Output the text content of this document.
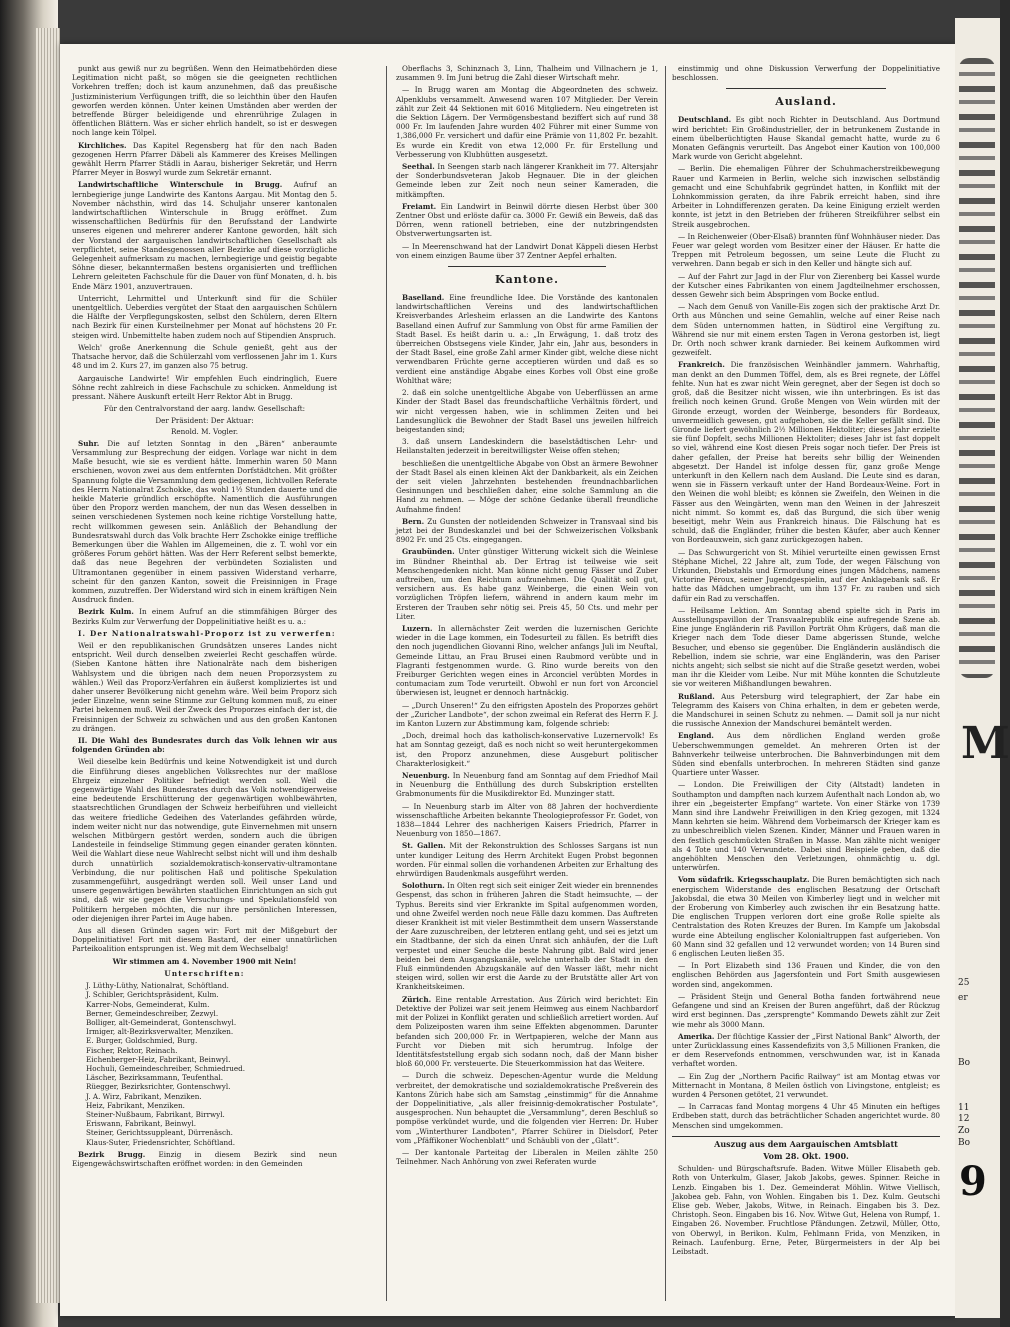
punkt aus gewiß nur zu begrüßen. Wenn den Heimatbehörden diese Legitimation nicht paßt, so mögen sie die geeigneten rechtlichen Vorkehren treffen; doch ist kaum anzunehmen, daß das preußische Justizministerium Verfügungen trifft, die so leichthin über den Haufen geworfen werden können. Unter keinen Umständen aber werden der betreffende Bürger beleidigende und ehrenrührige Zulagen in öffentlichen Blättern. Was er sicher ehrlich handelt, so ist er deswegen noch lange kein Tölpel.

Kirchliches. Das Kapitel Regensberg hat für den nach Baden gezogenen Herrn Pfarrer Däbeli als Kammerer des Kreises Mellingen gewählt Herrn Pfarrer Städli in Aarau, bisheriger Sekretär, und Herrn Pfarrer Meyer in Boswyl wurde zum Sekretär ernannt.

Landwirtschaftliche Winterschule in Brugg. Aufruf an lernbegierige junge Landwirte des Kantons Aargau. Mit Montag den 5. November nächsthin, wird das 14. Schuljahr unserer kantonalen landwirtschaftlichen Winterschule in Brugg eröffnet. Zum wissenschaftlichen Bedürfnis für den Berufsstand der Landwirte unseres eigenen und mehrerer anderer Kantone geworden, hält sich der Vorstand der aargauischen landwirtschaftlichen Gesellschaft als verpflichtet, seine Standesgenossen aller Bezirke auf diese vorzügliche Gelegenheit aufmerksam zu machen, lernbegierige und geistig begabte Söhne dieser, bekanntermaßen bestens organisierten und trefflichen Lehrern geleiteten Fachschule für die Dauer von fünf Monaten, d. h. bis Ende März 1901, anzuvertrauen.

Unterricht, Lehrmittel und Unterkunft sind für die Schüler unentgeltlich. Ueberdies vergütet der Staat den aargauischen Schülern die Hälfte der Verpflegungskosten, selbst den Schülern, deren Eltern nach Bezirk für einen Kursteilnehmer per Monat auf höchstens 20 Fr. steigen wird. Unbemittelte haben zudem noch auf Stipendien Anspruch.

Welch' große Anerkennung die Schule genießt, geht aus der Thatsache hervor, daß die Schülerzahl vom verflossenen Jahr im 1. Kurs 48 und im 2. Kurs 27, im ganzen also 75 betrug.

Aargauische Landwirte! Wir empfehlen Euch eindringlich, Euere Söhne recht zahlreich in diese Fachschule zu schicken. Anmeldung ist pressant. Nähere Auskunft erteilt Herr Rektor Abt in Brugg.

Für den Centralvorstand der aarg. landw. Gesellschaft:

Der Präsident: Der Aktuar:

Renold. M. Vogler.

Suhr. Die auf letzten Sonntag in den „Bären“ anberaumte Versammlung zur Besprechung der eidgen. Vorlage war nicht in dem Maße besucht, wie sie es verdient hätte. Immerhin waren 50 Mann erschienen, wovon zwei aus dem entfernten Dorfstädtchen. Mit größter Spannung folgte die Versammlung dem gediegenen, lichtvollen Referate des Herrn Nationalrat Zschokke, das wohl 1½ Stunden dauerte und die heikle Materie gründlich erschöpfte. Namentlich die Ausführungen über den Proporz werden manchem, der nun das Wesen desselben in seinen verschiedenen Systemen noch keine richtige Vorstellung hatte, recht willkommen gewesen sein. Anläßlich der Behandlung der Bundesratswahl durch das Volk brachte Herr Zschokke einige treffliche Bemerkungen über die Wahlen im Allgemeinen, die z. T. wohl vor ein größeres Forum gehört hätten. Was der Herr Referent selbst bemerkte, daß das neue Begehren der verbündeten Sozialisten und Ultramontanen gegenüber in einem passiven Widerstand verharre, scheint für den ganzen Kanton, soweit die Freisinnigen in Frage kommen, zuzutreffen. Der Widerstand wird sich in einem kräftigen Nein Ausdruck finden.

Bezirk Kulm. In einem Aufruf an die stimmfähigen Bürger des Bezirks Kulm zur Verwerfung der Doppelinitiative heißt es u. a.:

I. Der Nationalratswahl-Proporz ist zu verwerfen:

Weil er den republikanischen Grundsätzen unseres Landes nicht entspricht. Weil durch denselben zweierlei Recht geschaffen würde. (Sieben Kantone hätten ihre Nationalräte nach dem bisherigen Wahlsystem und die übrigen nach dem neuen Proporzsystem zu wählen.) Weil das Proporz-Verfahren ein äußerst kompliziertes ist und daher unserer Bevölkerung nicht genehm wäre. Weil beim Proporz sich jeder Einzelne, wenn seine Stimme zur Geltung kommen muß, zu einer Partei bekennen muß. Weil der Zweck des Proporzes einfach der ist, die Freisinnigen der Schweiz zu schwächen und aus den großen Kantonen zu drängen.

II. Die Wahl des Bundesrates durch das Volk lehnen wir aus folgenden Gründen ab:

Weil dieselbe kein Bedürfnis und keine Notwendigkeit ist und durch die Einführung dieses angeblichen Volksrechtes nur der maßlose Ehrgeiz einzelner Politiker befriedigt werden soll. Weil die gegenwärtige Wahl des Bundesrates durch das Volk notwendigerweise eine bedeutende Erschütterung der gegenwärtigen wohlbewährten, staatsrechtlichen Grundlagen der Schweiz herbeiführen und vielleicht das weitere friedliche Gedeihen des Vaterlandes gefährden würde, indem weiter nicht nur das notwendige, gute Einvernehmen mit unsern welschen Mitbürgern gestört werden, sondern auch die übrigen Landesteile in feindselige Stimmung gegen einander geraten könnten. Weil die Wahlart diese neue Wahlrecht selbst nicht will und ihm deshalb durch unnatürlich sozialdemokratisch-konservativ-ultramontane Verbindung, die nur politischen Haß und politische Spekulation zusammengeführt, ausgedrängt werden soll. Weil unser Land und unsere gegenwärtigen bewährten staatlichen Einrichtungen an sich gut sind, daß wir sie gegen die Versuchungs- und Spekulationsfeld von Politikern hergeben möchten, die nur ihre persönlichen Interessen, oder diejenigen ihrer Partei im Auge haben.

Aus all diesen Gründen sagen wir: Fort mit der Mißgeburt der Doppelinitiative! Fort mit diesem Bastard, der einer unnatürlichen Parteikoalition entsprungen ist. Weg mit dem Wechselbalg!

Wir stimmen am 4. November 1900 mit Nein!

Unterschriften:

J. Lüthy-Lüthy, Nationalrat, Schöftland.

J. Schibler, Gerichtspräsident, Kulm.

Karrer-Nobs, Gemeinderat, Kulm.

Berner, Gemeindeschreiber, Zezwyl.

Bolliger, alt-Gemeinderat, Gontenschwyl.

Irmiger, alt-Bezirksverwalter, Menziken.

E. Burger, Goldschmied, Burg.

Fischer, Rektor, Reinach.

Eichenberger-Heiz, Fabrikant, Beinwyl.

Hochuli, Gemeindeschreiber, Schmiedrued.

Läscher, Bezirksammann, Teufenthal.

Rüegger, Bezirksrichter, Gontenschwyl.

J. A. Wirz, Fabrikant, Menziken.

Heiz, Fabrikant, Menziken.

Steiner-Nußbaum, Fabrikant, Birrwyl.

Eriswann, Fabrikant, Beinwyl.

Steiner, Gerichtssuppleant, Dürrenäsch.

Klaus-Suter, Friedensrichter, Schöftland.

Bezirk Brugg. Einzig in diesem Bezirk sind neun Eigengewächswirtschaften eröffnet worden: in den Gemeinden

Oberflachs 3, Schinznach 3, Linn, Thalheim und Villnachern je 1, zusammen 9. Im Juni betrug die Zahl dieser Wirtschaft mehr.

— In Brugg waren am Montag die Abgeordneten des schweiz. Alpenklubs versammelt. Anwesend waren 107 Mitglieder. Der Verein zählt zur Zeit 44 Sektionen mit 6016 Mitgliedern. Neu eingetreten ist die Sektion Lägern. Der Vermögensbestand beziffert sich auf rund 38 000 Fr. Im laufenden Jahre wurden 402 Führer mit einer Summe von 1,386,000 Fr. versichert und dafür eine Prämie von 11,802 Fr. bezahlt. Es wurde ein Kredit von etwa 12,000 Fr. für Erstellung und Verbesserung von Klubhütten ausgesetzt.

Seethal. In Seengen starb nach längerer Krankheit im 77. Altersjahr der Sonderbundsveteran Jakob Hegnauer. Die in der gleichen Gemeinde leben zur Zeit noch neun seiner Kameraden, die mitkämpften.

Freiamt. Ein Landwirt in Beinwil dörrte diesen Herbst über 300 Zentner Obst und erlöste dafür ca. 3000 Fr. Gewiß ein Beweis, daß das Dörren, wenn rationell betrieben, eine der nutzbringendsten Obstverwertungsarten ist.

— In Meerenschwand hat der Landwirt Donat Käppeli diesen Herbst von einem einzigen Baume über 37 Zentner Aepfel erhalten.

Kantone.

Baselland. Eine freundliche Idee. Die Vorstände des kantonalen landwirtschaftlichen Vereins und des landwirtschaftlichen Kreisverbandes Arlesheim erlassen an die Landwirte des Kantons Baselland einen Aufruf zur Sammlung von Obst für arme Familien der Stadt Basel. Es heißt darin u. a.: „In Erwägung, 1. daß trotz des überreichen Obstsegens viele Kinder, Jahr ein, Jahr aus, besonders in der Stadt Basel, eine große Zahl armer Kinder gibt, welche diese nicht verwendbaren Früchte gerne acceptieren würden und daß es so verdient eine anständige Abgabe eines Korbes voll Obst eine große Wohlthat wäre;

2. daß ein solche unentgeltliche Abgabe von Ueberflüssen an arme Kinder der Stadt Basel das freundschaftliche Verhältnis fördert, und wir nicht vergessen haben, wie in schlimmen Zeiten und bei Landesunglück die Bewohner der Stadt Basel uns jeweilen hilfreich beigestanden sind;

3. daß unsern Landeskindern die baselstädtischen Lehr- und Heilanstalten jederzeit in bereitwilligster Weise offen stehen;

beschließen die unentgeltliche Abgabe von Obst an ärmere Bewohner der Stadt Basel als einen kleinen Akt der Dankbarkeit, als ein Zeichen der seit vielen Jahrzehnten bestehenden freundnachbarlichen Gesinnungen und beschließen daher, eine solche Sammlung an die Hand zu nehmen. — Möge der schöne Gedanke überall freundliche Aufnahme finden!

Bern. Zu Gunsten der notleidenden Schweizer in Transvaal sind bis jetzt bei der Bundeskanzlei und bei der Schweizerischen Volksbank 8902 Fr. und 25 Cts. eingegangen.

Graubünden. Unter günstiger Witterung wickelt sich die Weinlese im Bündner Rheinthal ab. Der Ertrag ist teilweise wie seit Menschengedenken nicht. Man könne nicht genug Fässer und Zuber auftreiben, um den Reichtum aufzunehmen. Die Qualität soll gut, versichern aus. Es habe ganz Weinberge, die einen Wein von vorzüglichen Tröpfen liefern, während in andern kaum mehr im Ersteren der Trauben sehr nötig sei. Preis 45, 50 Cts. und mehr per Liter.

Luzern. In allernächster Zeit werden die luzernischen Gerichte wieder in die Lage kommen, ein Todesurteil zu fällen. Es betrifft dies den noch jugendlichen Giovanni Rino, welcher anfangs Juli im Neuftal, Gemeinde Littau, an Frau Brusei einen Raubmord verübte und in Flagranti festgenommen wurde. G. Rino wurde bereits von den Freiburger Gerichten wegen eines in Arconciel verübten Mordes in contumaciam zum Tode verurteilt. Obwohl er nun fort von Arconciel überwiesen ist, leugnet er dennoch hartnäckig.

— „Durch Unseren!“ Zu den eifrigsten Aposteln des Proporzes gehört der „Zuricher Landbote“, der schon zweimal ein Referat des Herrn F. J. im Kanton Luzern zur Abstimmung kam, folgende schrieb:

„Doch, dreimal hoch das katholisch-konservative Luzernervolk! Es hat am Sonntag gezeigt, daß es noch nicht so weit heruntergekommen ist, den Proporz anzunehmen, diese Ausgeburt politischer Charakterlosigkeit.“

Neuenburg. In Neuenburg fand am Sonntag auf dem Friedhof Mail in Neuenburg die Enthüllung des durch Subskription erstellten Grabmonuments für die Musikdirektor Ed. Munzinger statt.

— In Neuenburg starb im Alter von 88 Jahren der hochverdiente wissenschaftliche Arbeiten bekannte Theologieprofessor Fr. Godet, von 1838—1844 Lehrer des nachherigen Kaisers Friedrich, Pfarrer in Neuenburg von 1850—1867.

St. Gallen. Mit der Rekonstruktion des Schlosses Sargans ist nun unter kundiger Leitung des Herrn Architekt Eugen Probst begonnen worden. Für einmal sollen die vorhandenen Arbeiten zur Erhaltung des ehrwürdigen Baudenkmals ausgeführt werden.

Solothurn. In Olten regt sich seit einiger Zeit wieder ein brennendes Gespenst, das schon in früheren Jahren die Stadt heimsuchte, — der Typhus. Bereits sind vier Erkrankte im Spital aufgenommen worden, und ohne Zweifel werden noch neue Fälle dazu kommen. Das Auftreten dieser Krankheit ist mit vieler Bestimmtheit dem unsern Wasserstande der Aare zuzuschreiben, der letzteren entlang geht, und sei es jetzt um ein Stadtbanne, der sich da einen Unrat sich anhäufen, der die Luft verpestet und einer Seuche die beste Nahrung gibt. Bald wird jener beiden bei dem Ausgangskanäle, welche unterhalb der Stadt in den Fluß einmündenden Abzugskanäle auf den Wasser läßt, mehr nicht steigen wird, sollen wir erst die Aarde zu der Brutstätte aller Art von Krankheitskeimen.

Zürich. Eine rentable Arrestation. Aus Zürich wird berichtet: Ein Detektive der Polizei war seit jenem Heimweg aus einem Nachbardorf mit der Polizei in Konflikt geraten und schließlich arretiert worden. Auf dem Polizeiposten waren ihm seine Effekten abgenommen. Darunter befanden sich 200,000 Fr. in Wertpapieren, welche der Mann aus Furcht vor Dieben mit sich herumtrug. Infolge der Identitätsfeststellung ergab sich sodann noch, daß der Mann bisher bloß 60,000 Fr. versteuerte. Die Steuerkommission hat das Weitere.

— Durch die schweiz. Depeschen-Agentur wurde die Meldung verbreitet, der demokratische und sozialdemokratische Preßverein des Kantons Zürich habe sich am Samstag „einstimmig“ für die Annahme der Doppelinitiative, „als aller freisinnig-demokratischer Postulate“, ausgesprochen. Nun behauptet die „Versammlung“, deren Beschluß so pompöse verkündet wurde, und die folgenden vier Herren: Dr. Huber vom „Winterthurer Landboten“, Pfarrer Schürer in Dielsdorf, Peter vom „Pfäffikoner Wochenblatt“ und Schäubli von der „Glatt“.

— Der kantonale Parteitag der Liberalen in Meilen zählte 250 Teilnehmer. Nach Anhörung von zwei Referaten wurde

einstimmig und ohne Diskussion Verwerfung der Doppelinitiative beschlossen.

Ausland.

Deutschland. Es gibt noch Richter in Deutschland. Aus Dortmund wird berichtet: Ein Großindustrieller, der in betrunkenem Zustande in einem übelberüchtigten Hause Skandal gemacht hatte, wurde zu 6 Monaten Gefängnis verurteilt. Das Angebot einer Kaution von 100,000 Mark wurde von Gericht abgelehnt.

— Berlin. Die ehemaligen Führer der Schuhmacherstreikbewegung Rauer und Karmeien in Berlin, welche sich inzwischen selbständig gemacht und eine Schuhfabrik gegründet hatten, in Konflikt mit der Lohnkommission geraten, da ihre Fabrik erreicht haben, sind ihre Arbeiter in Lohndifferenzen geraten. Da keine Einigung erzielt werden konnte, ist jetzt in den Betrieben der früheren Streikführer selbst ein Streik ausgebrochen.

— In Reichenweier (Ober-Elsaß) brannten fünf Wohnhäuser nieder. Das Feuer war gelegt worden vom Besitzer einer der Häuser. Er hatte die Treppen mit Petroleum begossen, um seine Leute die Flucht zu verwehren. Dann begab er sich in den Keller und hängte sich auf.

— Auf der Fahrt zur Jagd in der Flur von Zierenberg bei Kassel wurde der Kutscher eines Fabrikanten von einem Jagdteilnehmer erschossen, dessen Gewehr sich beim Abspringen vom Bocke entlud.

— Nach dem Genuß von Vanille-Eis zogen sich der praktische Arzt Dr. Orth aus München und seine Gemahlin, welche auf einer Reise nach dem Süden unternommen hatten, in Südtirol eine Vergiftung zu. Während sie nur mit einem ersten Tagen in Verona gestorben ist, liegt Dr. Orth noch schwer krank darnieder. Bei keinem Aufkommen wird gezweifelt.

Frankreich. Die französischen Weinhändler jammern. Wahrhaftig, man denkt an den Dummen Töffel, dem, als es Brei regnete, der Löffel fehlte. Nun hat es zwar nicht Wein geregnet, aber der Segen ist doch so groß, daß die Besitzer nicht wissen, wie ihn unterbringen. Es ist das freilich noch keinen Grund. Große Mengen von Wein würden mit der Gironde erzeugt, worden der Weinberge, besonders für Bordeaux, unvermeidlich gewesen, gut aufgehoben, sie die Keller gefällt sind. Die Gironde liefert gewöhnlich 2½ Millionen Hektoliter; dieses Jahr erzielte sie fünf Dopfelt, sechs Millionen Hektoliter; dieses Jahr ist fast doppelt so viel, während eine Kost diesen Preis sogar noch tiefer. Der Preis ist daher gefallen, der Preise hat bereits sehr billig der Weinenden abgesetzt. Der Handel ist infolge dessen für, ganz große Menge unterkunft in den Kellern nach dem Ausland. Die Leute sind es daran, wenn sie in Fässern verkauft unter der Hand Bordeaux-Weine. Fort in den Weinen die wohl bleibt; es können sie Zweifeln, den Weinen in die Fässer aus den Weingärten, wenn man den Weinen in der Jahreszeit nicht nimmt. So kommt es, daß das Burgund, die sich über wenig beseitigt, mehr Wein aus Frankreich hinaus. Die Fälschung hat es schuld, daß die Engländer, früher die besten Käufer, aber auch Kenner von Bordeauxwein, sich ganz zurückgezogen haben.

— Das Schwurgericht von St. Mihiel verurteilte einen gewissen Ernst Stéphane Michel, 22 Jahre alt, zum Tode, der wegen Fälschung von Urkunden, Diebstahls und Ermordung eines jungen Mädchens, namens Victorine Péroux, seiner Jugendgespielin, auf der Anklagebank saß. Er hatte das Mädchen umgebracht, um ihm 137 Fr. zu rauben und sich dafür ein Rad zu verschaffen.

— Heilsame Lektion. Am Sonntag abend spielte sich in Paris im Ausstellungspavillon der Transvaalrepublik eine aufregende Szene ab. Eine junge Engländerin riß Pavillon Porträt Ohm Krügers, daß man die Krieger nach dem Tode dieser Dame abgerissen Stunde, welche Besucher, und ebenso sie gegenüber. Die Engländerin ausländisch die Rebellion, indem sie schrie, war eine Engländerin, was den Pariser nichts angeht; sich selbst sie nicht auf die Straße gesetzt werden, wobei man ihr die Kleider vom Leibe. Nur mit Mühe konnten die Schutzleute sie vor weiteren Mißhandlungen bewahren.

Rußland. Aus Petersburg wird telegraphiert, der Zar habe ein Telegramm des Kaisers von China erhalten, in dem er gebeten werde, die Mandschurei in seinen Schutz zu nehmen. — Damit soll ja nur nicht die russische Annexion der Mandschurei bemäntelt werden.

England. Aus dem nördlichen England werden große Ueberschwemmungen gemeldet. An mehreren Orten ist der Bahnverkehr teilweise unterbrochen. Die Bahnverbindungen mit dem Süden sind ebenfalls unterbrochen. In mehreren Städten sind ganze Quartiere unter Wasser.

— London. Die Freiwilligen der City (Altstadt) landeten in Southampton und dampften nach kurzem Aufenthalt nach London ab, wo ihrer ein „begeisterter Empfang“ wartete. Von einer Stärke von 1739 Mann sind ihre Landwehr Freiwilligen in den Krieg gezogen, mit 1324 Mann kehrten sie heim. Während dem Vorbeimarsch der Krieger kam es zu unbeschreiblich vielen Szenen. Kinder, Männer und Frauen waren in den festlich geschmückten Straßen in Masse. Man zählte nicht weniger als 4 Tote und 140 Verwundete. Dabei sind Beispiele geben, daß die angehöhlten Menschen den Verletzungen, ohnmächtig u. dgl. unterwürfen.

Vom südafrik. Kriegsschauplatz. Die Buren bemächtigten sich nach energischem Widerstande des englischen Besatzung der Ortschaft Jakobsdal, die etwa 30 Meilen von Kimberley liegt und in welcher mit der Eroberung von Kimberley auch zwischen ihr ein Besatzung hatte. Die englischen Truppen verloren dort eine große Rolle spielte als Centralstation des Roten Kreuzes der Buren. Im Kampfe um Jakobsdal wurde eine Abteilung englischer Kolonialtruppen fast aufgerieben. Von 60 Mann sind 32 gefallen und 12 verwundet worden; von 14 Buren sind 6 englischen Leuten ließen 35.

— In Port Elizabeth sind 136 Frauen und Kinder, die von den englischen Behörden aus Jagersfontein und Fort Smith ausgewiesen worden sind, angekommen.

— Präsident Steijn und General Botha fanden fortwährend neue Gefangene und sind an Kreisen der Buren angeführt, daß der Rückzug wird erst beginnen. Das „zersprengte“ Kommando Dewets zählt zur Zeit wie mehr als 3000 Mann.

Amerika. Der flüchtige Kassier der „First National Bank“ Alworth, der unter Zurücklassung eines Kassendefizits von 3,5 Millionen Franken, die er dem Reservefonds entnommen, verschwunden war, ist in Kanada verhaftet worden.

— Ein Zug der „Northern Pacific Railway“ ist am Montag etwas vor Mitternacht in Montana, 8 Meilen östlich von Livingstone, entgleist; es wurden 4 Personen getötet, 21 verwundet.

— In Carracas fand Montag morgens 4 Uhr 45 Minuten ein heftiges Erdbeben statt, durch das beträchtlicher Schaden angerichtet wurde. 80 Menschen sind umgekommen.

Auszug aus dem Aargauischen Amtsblatt

Vom 28. Okt. 1900.

Schulden- und Bürgschaftsrufe. Baden. Witwe Müller Elisabeth geb. Roth von Unterkulm, Glaser, Jakob Jakobs, gewes. Spinner. Reiche in Lenzb. Eingaben bis 1. Dez. Gemeinderat Möhlin. Witwe Viellisch, Jakobea geb. Fahn, von Wohlen. Eingaben bis 1. Dez. Kulm. Geutschi Elise geb. Weber, Jakobs, Witwe, in Reinach. Eingaben bis 3. Dez. Christoph. Seon. Eingaben bis 16. Nov. Witwe Gut, Helena von Rumpf, 1. Eingaben 26. November. Fruchtlose Pfändungen. Zetzwil, Müller, Otto, von Oberwyl, in Berikon. Kulm, Fehlmann Frida, von Menziken, in Reinach. Laufenburg. Erne, Peter, Bürgermeisters in der Alp bei Leibstadt.

M
25
er
Bo
11
12
Zo
Bo
9
